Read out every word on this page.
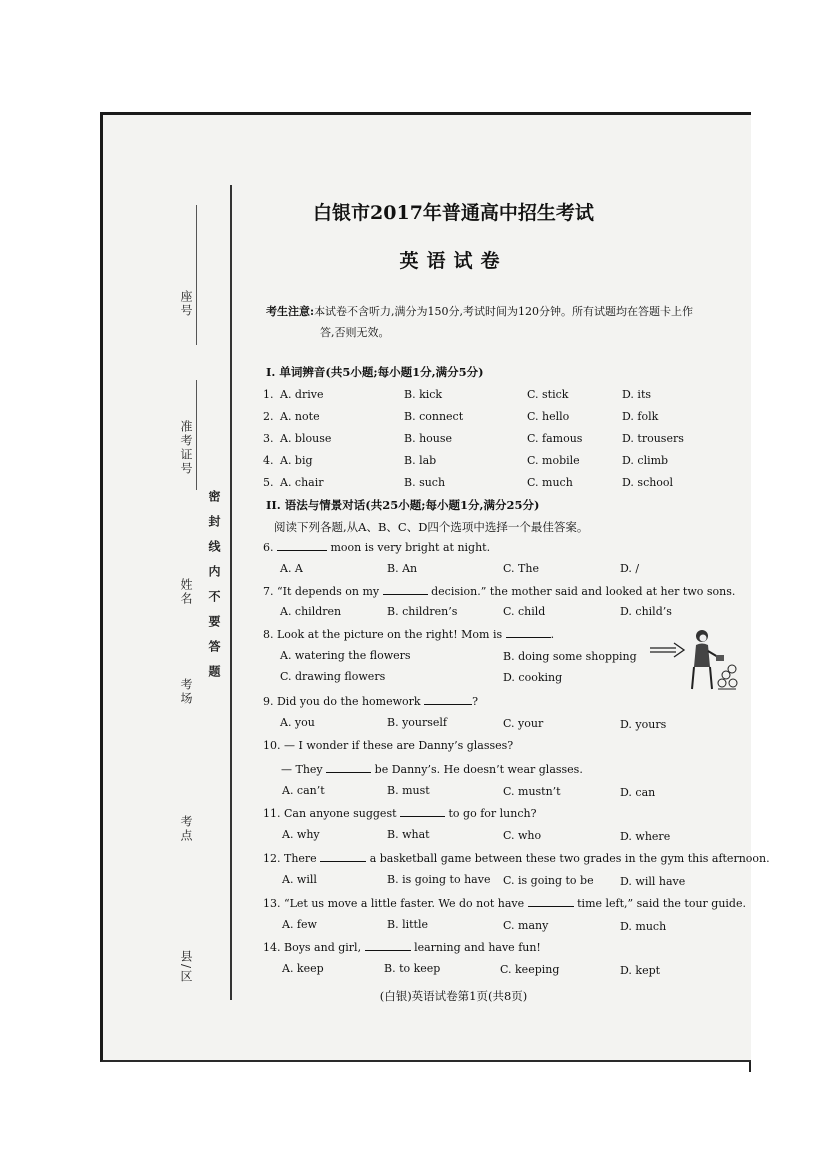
座号
准考证号
姓名
考场
考点
县/区
密封线内不要答题
白银市2017年普通高中招生考试
英语试卷
考生注意:本试卷不含听力,满分为150分,考试时间为120分钟。所有试题均在答题卡上作
答,否则无效。
I. 单词辨音(共5小题;每小题1分,满分5分)
1. A. drive	B. kick	C. stick	D. its
2. A. note	B. connect	C. hello	D. folk
3. A. blouse	B. house	C. famous	D. trousers
4. A. big	B. lab	C. mobile	D. climb
5. A. chair	B. such	C. much	D. school
II. 语法与情景对话(共25小题;每小题1分,满分25分)
阅读下列各题,从A、B、C、D四个选项中选择一个最佳答案。
6.	moon is very bright at night.
A. A	B. An	C. The	D. /
7. “It depends on my	decision.” the mother said and looked at her two sons.
A. children	B. children’s	C. child	D. child’s
8. Look at the picture on the right! Mom is	.
A. watering the flowers	B. doing some shopping
C. drawing flowers	D. cooking
9. Did you do the homework	?
A. you	B. yourself	C. your	D. yours
10. — I wonder if these are Danny’s glasses?
— They	be Danny’s. He doesn’t wear glasses.
A. can’t	B. must	C. mustn’t	D. can
11. Can anyone suggest	to go for lunch?
A. why	B. what	C. who	D. where
12. There	a basketball game between these two grades in the gym this afternoon.
A. will	B. is going to have C. is going to be D. will have
13. “Let us move a little faster. We do not have	time left,” said the tour guide.
A. few	B. little	C. many	D. much
14. Boys and girl,	learning and have fun!
A. keep	B. to keep	C. keeping	D. kept
(白银)英语试卷第1页(共8页)
